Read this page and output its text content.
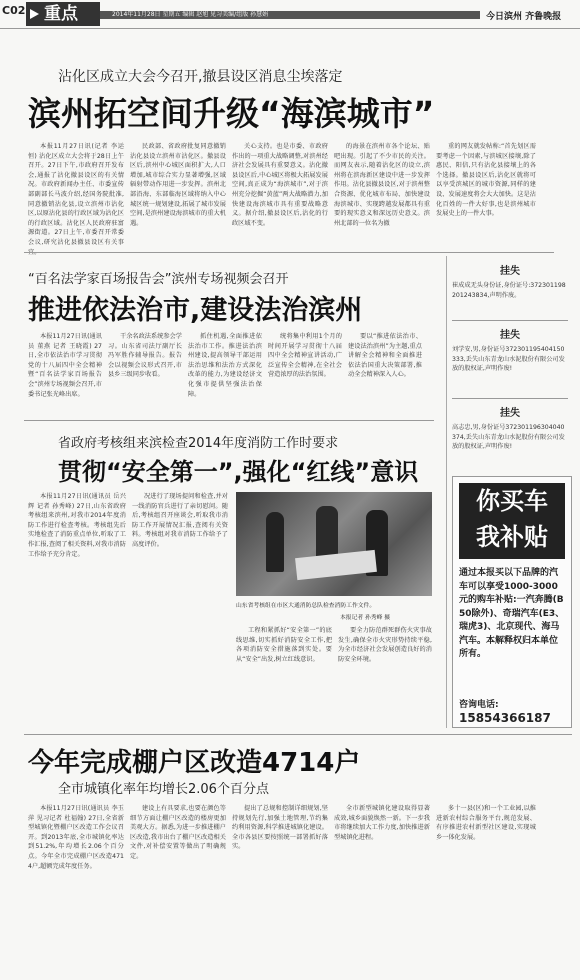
C02	重点	2014年11月28日 星期五 编辑 赵旭 见习美编/组版 孙慧娟	今日滨州 齐鲁晚报
沾化区成立大会今召开,撤县设区消息尘埃落定
滨州拓空间升级“海滨城市”

本报11月27日讯(记者 李运恒) 沾化区成立大会将于28日上午召开。27日下午,市政府召开发布会,通报了沾化撤县设区的有关情况。市政府新闻办主任、市委宣传部副部长马波介绍,经国务院批准,同意撤销沾化县,设立滨州市沾化区,以原沾化县的行政区域为沾化区的行政区域。沾化区人民政府驻富源街道。27日上午,市委召开常委会议,研究沾化县撤县设区有关事

民政部、省政府批复同意撤销沾化县设立滨州市沾化区。撤县设区后,滨州中心城区面积扩大,人口增加,城市综合实力显著增强,区域辐射带动作用进一步发挥。滨州北部沿海、东部临海区域将纳入中心城区统一规划建设,拓展了城市发展空间,是滨州建设海滨城市的重大机遇。

关心支持。也是市委、市政府作出的一项重大战略调整,对滨州经济社会发展具有重要意义。沾化撤县设区后,中心城区将极大拓展发展空间,真正成为“海滨城市”,对于滨州充分挖掘“黄蓝”两大战略潜力,加快建设海滨城市具有重要战略意义。据介绍,撤县设区后,沾化的行政区域不变。

的海景在滨州市各个论坛、贴吧出现。引起了不少市民的关注。而网友表示,随着沾化区的设立,滨州将在滨海新区建设中进一步发挥作用。沾化县撤县设区,对于滨州整合资源、优化城市布局、加快建设海滨城市、实现跨越发展都具有重要的现实意义和深远历史意义。滨州北部的一位名为撤

重的网友就发帖称:“首先划区需要考虑一个因素,与滨城区接壤,除了惠民、阳信,只有沾化县接壤上的各个选择。撤县设区后,沾化区就将可以享受滨城区的城市资源,同样的建设、发展速度将会大大加快。这是沾化百姓的一件大好事,也是滨州城市发展史上的一件大事。

“百名法学家百场报告会”滨州专场视频会召开
推进依法治市,建设法治滨州

本报11月27日讯(通讯员 董燕 记者 王晓霞) 27日,全市依法治市学习贯彻党的十八届四中全会精神暨“百名法学家百场报告会”滨州专场视频会召开,市委书记张光峰出席。

干余名政法系统参会学习。山东省司法厅副厅长冯军胜作辅导报告。报告会以视频会议形式召开,市县乡三级同步收看。

抓住机遇,全面推进依法治市工作。推进法治滨州建设,提高领导干部运用法治思维和法治方式深化改革的能力,为建设经济文化强市提供坚强法治保障。

统将集中利用1个月的时间开展学习贯彻十八届四中全会精神宣讲活动,广泛宣传全会精神,在全社会营造浓厚的法治氛围。

要以“推进依法治市、建设法治滨州”为主题,重点讲解全会精神和全面推进依法治国重大决策部署,推动全会精神深入人心。

省政府考核组来滨检查2014年度消防工作时要求
贯彻“安全第一”,强化“红线”意识

本报11月27日讯(通讯员 岳兴辉 记者 孙秀峰) 27日,山东省政府考核组来滨州,对我市2014年度消防工作进行检查考核。考核组先后实地检查了消防重点单位,听取了工作汇报,查阅了相关资料,对我市消防工作给予充分肯定。

况进行了现场提问和检查,并对一线消防官兵进行了亲切慰问。随后,考核组召开座谈会,听取我市消防工作开展情况汇报,查阅有关资料。考核组对我市消防工作给予了高度评价。

山东省考核组在市区大通消防总队检查消防工作文件。
本报记者 孙秀峰 摄

工程和紧抓好“安全第一”的底线思维,切实抓好消防安全工作,把各项消防安全措施落到实处。要从“安全”出发,树立红线意识。

要全力防范群死群伤火灾事故发生,确保全市火灾形势持续平稳,为全市经济社会发展创造良好的消防安全环境。

挂失
崔成成无头身份证,身份证号:372301198201243834,声明作废。
挂失
刘学安,男,身份证号372301195404150333,丢失山东青龙山水泥股份有限公司发放的股权证,声明作废!
挂失
高志忠,男,身份证号372301196304040374,丢失山东青龙山水泥股份有限公司发放的股权证,声明作废!
你买车
我补贴
通过本报买以下品牌的汽车可以享受1000-3000元的购车补贴:一汽奔腾(B50除外)、奇瑞汽车(E3、瑞虎3)、北京现代、海马汽车。本解释权归本单位所有。
咨询电话:
15854366187
今年完成棚户区改造4714户
全市城镇化率年均增长2.06个百分点

本报11月27日讯(通讯员 李玉萍 见习记者 杜福翰) 27日,全省新型城镇化暨棚户区改造工作会议召开。到2013年底,全市城镇化率达到51.2%,年均增长2.06个百分点。今年全市完成棚户区改造4714户,超额完成年度任务。

建设上有具要求,也要在颜色等细节方面让棚户区改造的楼房更加美观大方。据悉,为进一步推进棚户区改造,我市出台了棚户区改造相关文件,对补偿安置等做出了明确规定。

提出了总规和控制详细规划,坚持规划先行,加强土地管理,节约集约利用资源,科学推进城镇化建设。全市各县区要按照统一部署抓好落实。

全市新型城镇化建设取得显著成效,城乡面貌焕然一新。下一步我市将继续加大工作力度,加快推进新型城镇化进程。

多十一县(区)和一个工业园,以推进新农村综合服务平台,规范发展、有序推进农村新型社区建设,实现城乡一体化发展。
